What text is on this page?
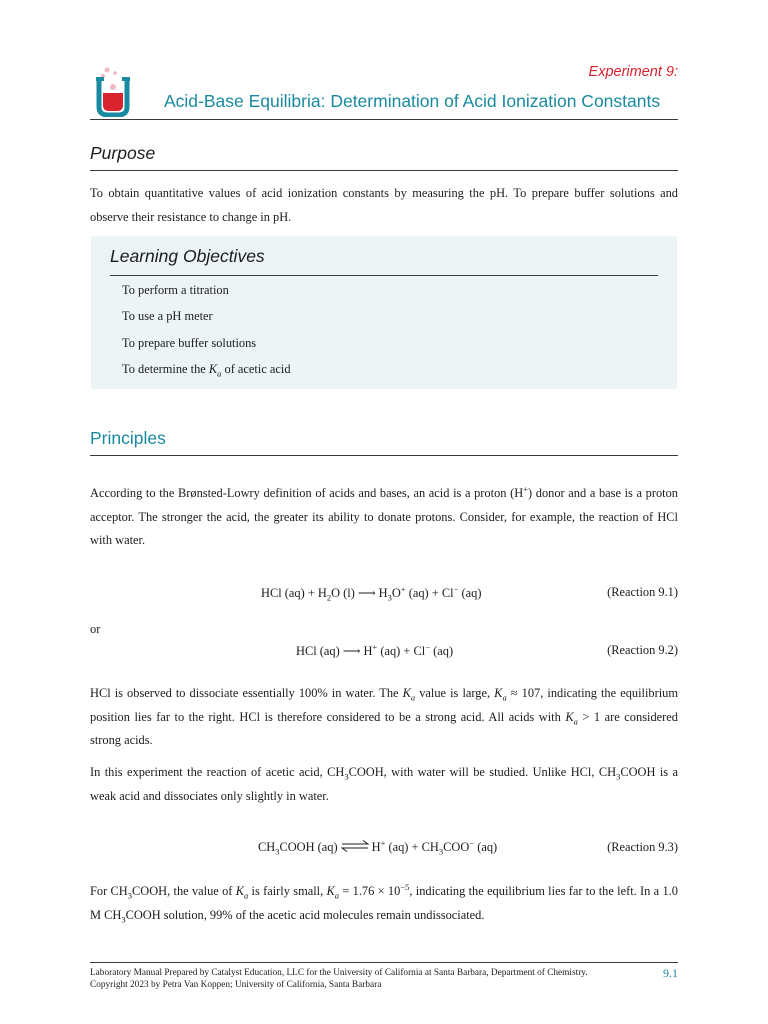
Experiment 9:
Acid-Base Equilibria: Determination of Acid Ionization Constants
Purpose
To obtain quantitative values of acid ionization constants by measuring the pH. To prepare buffer solutions and observe their resistance to change in pH.
Learning Objectives
To perform a titration
To use a pH meter
To prepare buffer solutions
To determine the $K_a$ of acetic acid
Principles
According to the Brønsted-Lowry definition of acids and bases, an acid is a proton (H+) donor and a base is a proton acceptor. The stronger the acid, the greater its ability to donate protons. Consider, for example, the reaction of HCl with water.
HCl $(aq) + H_2O$ (l) ⟶ $H_3O^+$ (aq) + Cl− (aq)	(Reaction 9.1)
or
HCl (aq) ⟶ H+ (aq) + Cl− (aq)	(Reaction 9.2)
HCl is observed to dissociate essentially 100% in water. The $K_a$ value is large, $K_a \approx 107$, indicating the equilibrium position lies far to the right. HCl is therefore considered to be a strong acid. All acids with $K_a > 1$ are considered strong acids.
In this experiment the reaction of acetic acid, $CH_3COOH$, with water will be studied. Unlike HCl, $CH_3COOH$ is a weak acid and dissociates only slightly in water.
$CH_3COOH$ (aq) ⇌ H+ $(aq) + CH_3COO^-$ (aq)	(Reaction 9.3)
For $CH_3COOH$, the value of $K_a$ is fairly small, $K_a = 1.76 \times 10^{-5}$, indicating the equilibrium lies far to the left. In a 1.0 M $CH_3COOH$ solution, 99% of the acetic acid molecules remain undissociated.
Laboratory Manual Prepared by Catalyst Education, LLC for the University of California at Santa Barbara, Department of Chemistry.
Copyright 2023 by Petra Van Koppen; University of California, Santa Barbara
9.1
